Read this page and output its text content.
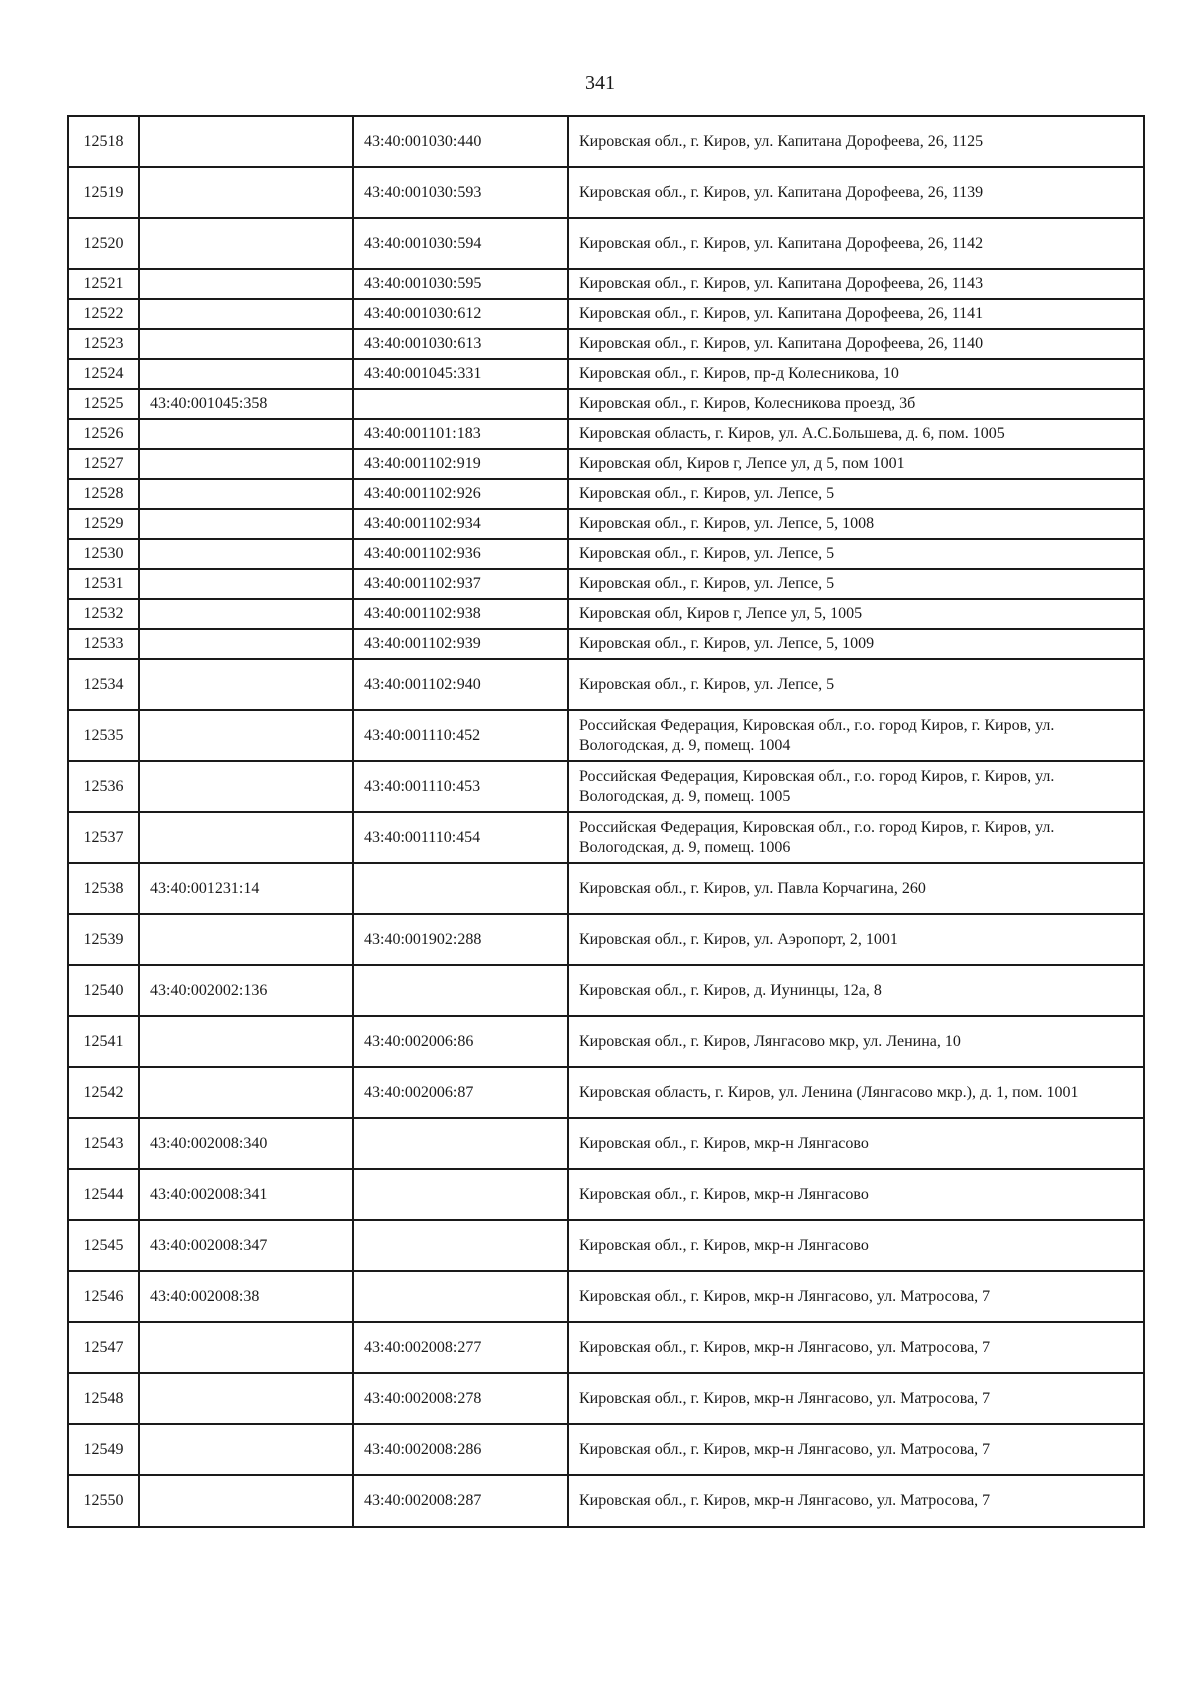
341
12518		43:40:001030:440	Кировская обл., г. Киров, ул. Капитана Дорофеева, 26, 1125
12519		43:40:001030:593	Кировская обл., г. Киров, ул. Капитана Дорофеева, 26, 1139
12520		43:40:001030:594	Кировская обл., г. Киров, ул. Капитана Дорофеева, 26, 1142
12521		43:40:001030:595	Кировская обл., г. Киров, ул. Капитана Дорофеева, 26, 1143
12522		43:40:001030:612	Кировская обл., г. Киров, ул. Капитана Дорофеева, 26, 1141
12523		43:40:001030:613	Кировская обл., г. Киров, ул. Капитана Дорофеева, 26, 1140
12524		43:40:001045:331	Кировская обл., г. Киров, пр-д Колесникова, 10
12525	43:40:001045:358		Кировская обл., г. Киров, Колесникова проезд, 3б
12526		43:40:001101:183	Кировская область, г. Киров, ул. А.С.Большева, д. 6, пом. 1005
12527		43:40:001102:919	Кировская обл, Киров г, Лепсе ул, д 5, пом 1001
12528		43:40:001102:926	Кировская обл., г. Киров, ул. Лепсе, 5
12529		43:40:001102:934	Кировская обл., г. Киров, ул. Лепсе, 5, 1008
12530		43:40:001102:936	Кировская обл., г. Киров, ул. Лепсе, 5
12531		43:40:001102:937	Кировская обл., г. Киров, ул. Лепсе, 5
12532		43:40:001102:938	Кировская обл, Киров г, Лепсе ул, 5, 1005
12533		43:40:001102:939	Кировская обл., г. Киров, ул. Лепсе, 5, 1009
12534		43:40:001102:940	Кировская обл., г. Киров, ул. Лепсе, 5
12535		43:40:001110:452	Российская Федерация, Кировская обл., г.о. город Киров, г. Киров, ул. Вологодская, д. 9, помещ. 1004
12536		43:40:001110:453	Российская Федерация, Кировская обл., г.о. город Киров, г. Киров, ул. Вологодская, д. 9, помещ. 1005
12537		43:40:001110:454	Российская Федерация, Кировская обл., г.о. город Киров, г. Киров, ул. Вологодская, д. 9, помещ. 1006
12538	43:40:001231:14		Кировская обл., г. Киров, ул. Павла Корчагина, 260
12539		43:40:001902:288	Кировская обл., г. Киров, ул. Аэропорт, 2, 1001
12540	43:40:002002:136		Кировская обл., г. Киров, д. Иунинцы, 12а, 8
12541		43:40:002006:86	Кировская обл., г. Киров, Лянгасово мкр, ул. Ленина, 10
12542		43:40:002006:87	Кировская область, г. Киров, ул. Ленина (Лянгасово мкр.), д. 1, пом. 1001
12543	43:40:002008:340		Кировская обл., г. Киров, мкр-н Лянгасово
12544	43:40:002008:341		Кировская обл., г. Киров, мкр-н Лянгасово
12545	43:40:002008:347		Кировская обл., г. Киров, мкр-н Лянгасово
12546	43:40:002008:38		Кировская обл., г. Киров, мкр-н Лянгасово, ул. Матросова, 7
12547		43:40:002008:277	Кировская обл., г. Киров, мкр-н Лянгасово, ул. Матросова, 7
12548		43:40:002008:278	Кировская обл., г. Киров, мкр-н Лянгасово, ул. Матросова, 7
12549		43:40:002008:286	Кировская обл., г. Киров, мкр-н Лянгасово, ул. Матросова, 7
12550		43:40:002008:287	Кировская обл., г. Киров, мкр-н Лянгасово, ул. Матросова, 7
